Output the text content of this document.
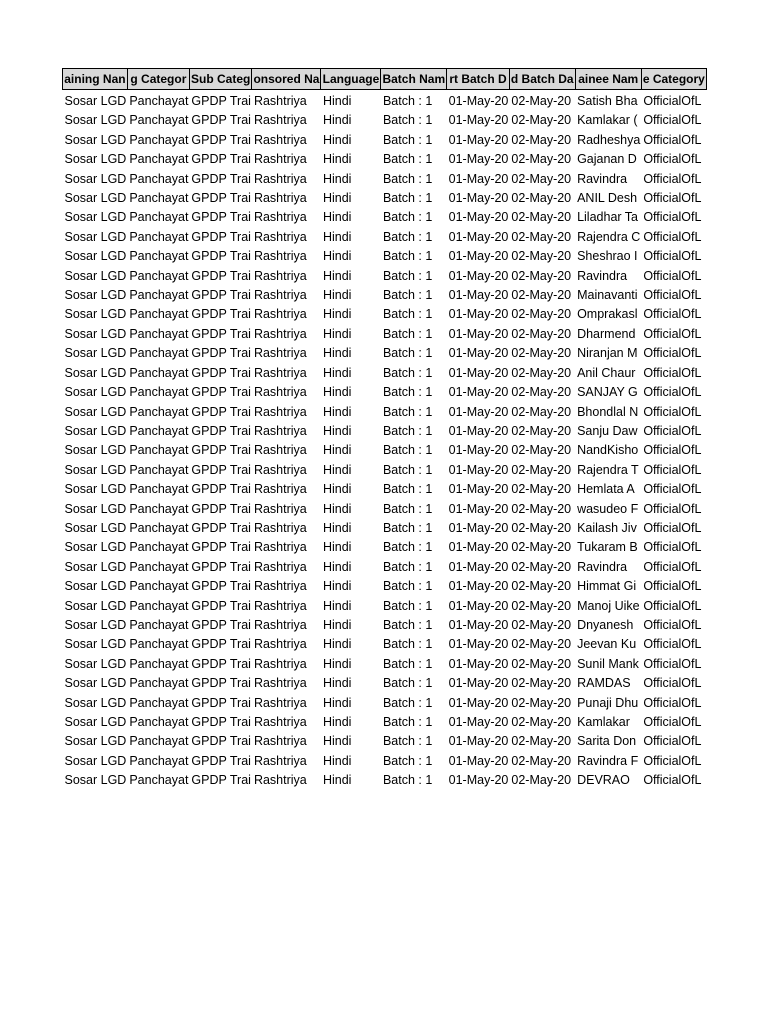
aining Nan	g Categor	Sub Categ	onsored Na	Language	Batch Nam	rt Batch D	d Batch Da	ainee Nam	e Category
Sosar LGD	Panchayat	GPDP Trai	Rashtriya	Hindi	Batch : 1	01-May-20	02-May-20	Satish Bha	OfficialOfL
Sosar LGD	Panchayat	GPDP Trai	Rashtriya	Hindi	Batch : 1	01-May-20	02-May-20	Kamlakar (	OfficialOfL
Sosar LGD	Panchayat	GPDP Trai	Rashtriya	Hindi	Batch : 1	01-May-20	02-May-20	Radheshya	OfficialOfL
Sosar LGD	Panchayat	GPDP Trai	Rashtriya	Hindi	Batch : 1	01-May-20	02-May-20	Gajanan D	OfficialOfL
Sosar LGD	Panchayat	GPDP Trai	Rashtriya	Hindi	Batch : 1	01-May-20	02-May-20	Ravindra	OfficialOfL
Sosar LGD	Panchayat	GPDP Trai	Rashtriya	Hindi	Batch : 1	01-May-20	02-May-20	ANIL Desh	OfficialOfL
Sosar LGD	Panchayat	GPDP Trai	Rashtriya	Hindi	Batch : 1	01-May-20	02-May-20	Liladhar Ta	OfficialOfL
Sosar LGD	Panchayat	GPDP Trai	Rashtriya	Hindi	Batch : 1	01-May-20	02-May-20	Rajendra C	OfficialOfL
Sosar LGD	Panchayat	GPDP Trai	Rashtriya	Hindi	Batch : 1	01-May-20	02-May-20	Sheshrao I	OfficialOfL
Sosar LGD	Panchayat	GPDP Trai	Rashtriya	Hindi	Batch : 1	01-May-20	02-May-20	Ravindra	OfficialOfL
Sosar LGD	Panchayat	GPDP Trai	Rashtriya	Hindi	Batch : 1	01-May-20	02-May-20	Mainavanti	OfficialOfL
Sosar LGD	Panchayat	GPDP Trai	Rashtriya	Hindi	Batch : 1	01-May-20	02-May-20	Omprakasl	OfficialOfL
Sosar LGD	Panchayat	GPDP Trai	Rashtriya	Hindi	Batch : 1	01-May-20	02-May-20	Dharmend	OfficialOfL
Sosar LGD	Panchayat	GPDP Trai	Rashtriya	Hindi	Batch : 1	01-May-20	02-May-20	Niranjan M	OfficialOfL
Sosar LGD	Panchayat	GPDP Trai	Rashtriya	Hindi	Batch : 1	01-May-20	02-May-20	Anil Chaur	OfficialOfL
Sosar LGD	Panchayat	GPDP Trai	Rashtriya	Hindi	Batch : 1	01-May-20	02-May-20	SANJAY G	OfficialOfL
Sosar LGD	Panchayat	GPDP Trai	Rashtriya	Hindi	Batch : 1	01-May-20	02-May-20	Bhondlal N	OfficialOfL
Sosar LGD	Panchayat	GPDP Trai	Rashtriya	Hindi	Batch : 1	01-May-20	02-May-20	Sanju Daw	OfficialOfL
Sosar LGD	Panchayat	GPDP Trai	Rashtriya	Hindi	Batch : 1	01-May-20	02-May-20	NandKisho	OfficialOfL
Sosar LGD	Panchayat	GPDP Trai	Rashtriya	Hindi	Batch : 1	01-May-20	02-May-20	Rajendra T	OfficialOfL
Sosar LGD	Panchayat	GPDP Trai	Rashtriya	Hindi	Batch : 1	01-May-20	02-May-20	Hemlata A	OfficialOfL
Sosar LGD	Panchayat	GPDP Trai	Rashtriya	Hindi	Batch : 1	01-May-20	02-May-20	wasudeo F	OfficialOfL
Sosar LGD	Panchayat	GPDP Trai	Rashtriya	Hindi	Batch : 1	01-May-20	02-May-20	Kailash Jiv	OfficialOfL
Sosar LGD	Panchayat	GPDP Trai	Rashtriya	Hindi	Batch : 1	01-May-20	02-May-20	Tukaram B	OfficialOfL
Sosar LGD	Panchayat	GPDP Trai	Rashtriya	Hindi	Batch : 1	01-May-20	02-May-20	Ravindra	OfficialOfL
Sosar LGD	Panchayat	GPDP Trai	Rashtriya	Hindi	Batch : 1	01-May-20	02-May-20	Himmat Gi	OfficialOfL
Sosar LGD	Panchayat	GPDP Trai	Rashtriya	Hindi	Batch : 1	01-May-20	02-May-20	Manoj Uike	OfficialOfL
Sosar LGD	Panchayat	GPDP Trai	Rashtriya	Hindi	Batch : 1	01-May-20	02-May-20	Dnyanesh	OfficialOfL
Sosar LGD	Panchayat	GPDP Trai	Rashtriya	Hindi	Batch : 1	01-May-20	02-May-20	Jeevan Ku	OfficialOfL
Sosar LGD	Panchayat	GPDP Trai	Rashtriya	Hindi	Batch : 1	01-May-20	02-May-20	Sunil Mank	OfficialOfL
Sosar LGD	Panchayat	GPDP Trai	Rashtriya	Hindi	Batch : 1	01-May-20	02-May-20	RAMDAS	OfficialOfL
Sosar LGD	Panchayat	GPDP Trai	Rashtriya	Hindi	Batch : 1	01-May-20	02-May-20	Punaji Dhu	OfficialOfL
Sosar LGD	Panchayat	GPDP Trai	Rashtriya	Hindi	Batch : 1	01-May-20	02-May-20	Kamlakar	OfficialOfL
Sosar LGD	Panchayat	GPDP Trai	Rashtriya	Hindi	Batch : 1	01-May-20	02-May-20	Sarita Don	OfficialOfL
Sosar LGD	Panchayat	GPDP Trai	Rashtriya	Hindi	Batch : 1	01-May-20	02-May-20	Ravindra F	OfficialOfL
Sosar LGD	Panchayat	GPDP Trai	Rashtriya	Hindi	Batch : 1	01-May-20	02-May-20	DEVRAO	OfficialOfL
